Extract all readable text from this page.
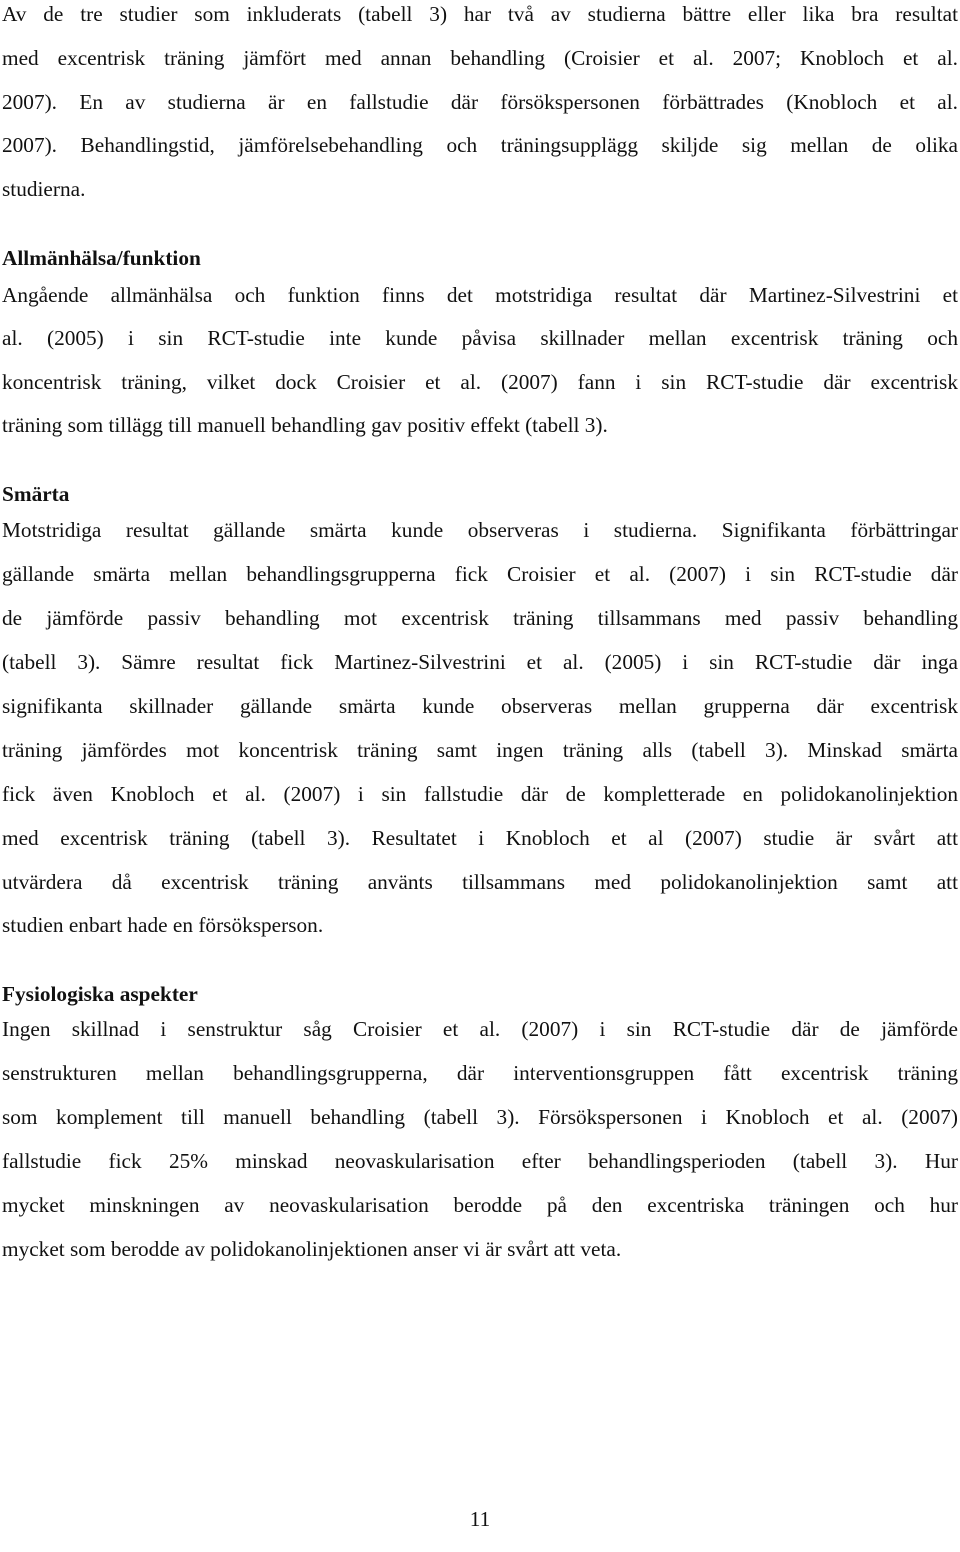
Av de tre studier som inkluderats (tabell 3) har två av studierna bättre eller lika bra resultat
med excentrisk träning jämfört med annan behandling (Croisier et al. 2007; Knobloch et al.
2007). En av studierna är en fallstudie där försökspersonen förbättrades (Knobloch et al.
2007). Behandlingstid, jämförelsebehandling och träningsupplägg skiljde sig mellan de olika
studierna.
Allmänhälsa/funktion
Angående allmänhälsa och funktion finns det motstridiga resultat där Martinez-Silvestrini et
al. (2005) i sin RCT-studie inte kunde påvisa skillnader mellan excentrisk träning och
koncentrisk träning, vilket dock Croisier et al. (2007) fann i sin RCT-studie där excentrisk
träning som tillägg till manuell behandling gav positiv effekt (tabell 3).
Smärta
Motstridiga resultat gällande smärta kunde observeras i studierna. Signifikanta förbättringar
gällande smärta mellan behandlingsgrupperna fick Croisier et al. (2007) i sin RCT-studie där
de jämförde passiv behandling mot excentrisk träning tillsammans med passiv behandling
(tabell 3). Sämre resultat fick Martinez-Silvestrini et al. (2005) i sin RCT-studie där inga
signifikanta skillnader gällande smärta kunde observeras mellan grupperna där excentrisk
träning jämfördes mot koncentrisk träning samt ingen träning alls (tabell 3). Minskad smärta
fick även Knobloch et al. (2007) i sin fallstudie där de kompletterade en polidokanolinjektion
med excentrisk träning (tabell 3). Resultatet i Knobloch et al (2007) studie är svårt att
utvärdera då excentrisk träning använts tillsammans med polidokanolinjektion samt att
studien enbart hade en försöksperson.
Fysiologiska aspekter
Ingen skillnad i senstruktur såg Croisier et al. (2007) i sin RCT-studie där de jämförde
senstrukturen mellan behandlingsgrupperna, där interventionsgruppen fått excentrisk träning
som komplement till manuell behandling (tabell 3). Försökspersonen i Knobloch et al. (2007)
fallstudie fick 25% minskad neovaskularisation efter behandlingsperioden (tabell 3). Hur
mycket minskningen av neovaskularisation berodde på den excentriska träningen och hur
mycket som berodde av polidokanolinjektionen anser vi är svårt att veta.
11
